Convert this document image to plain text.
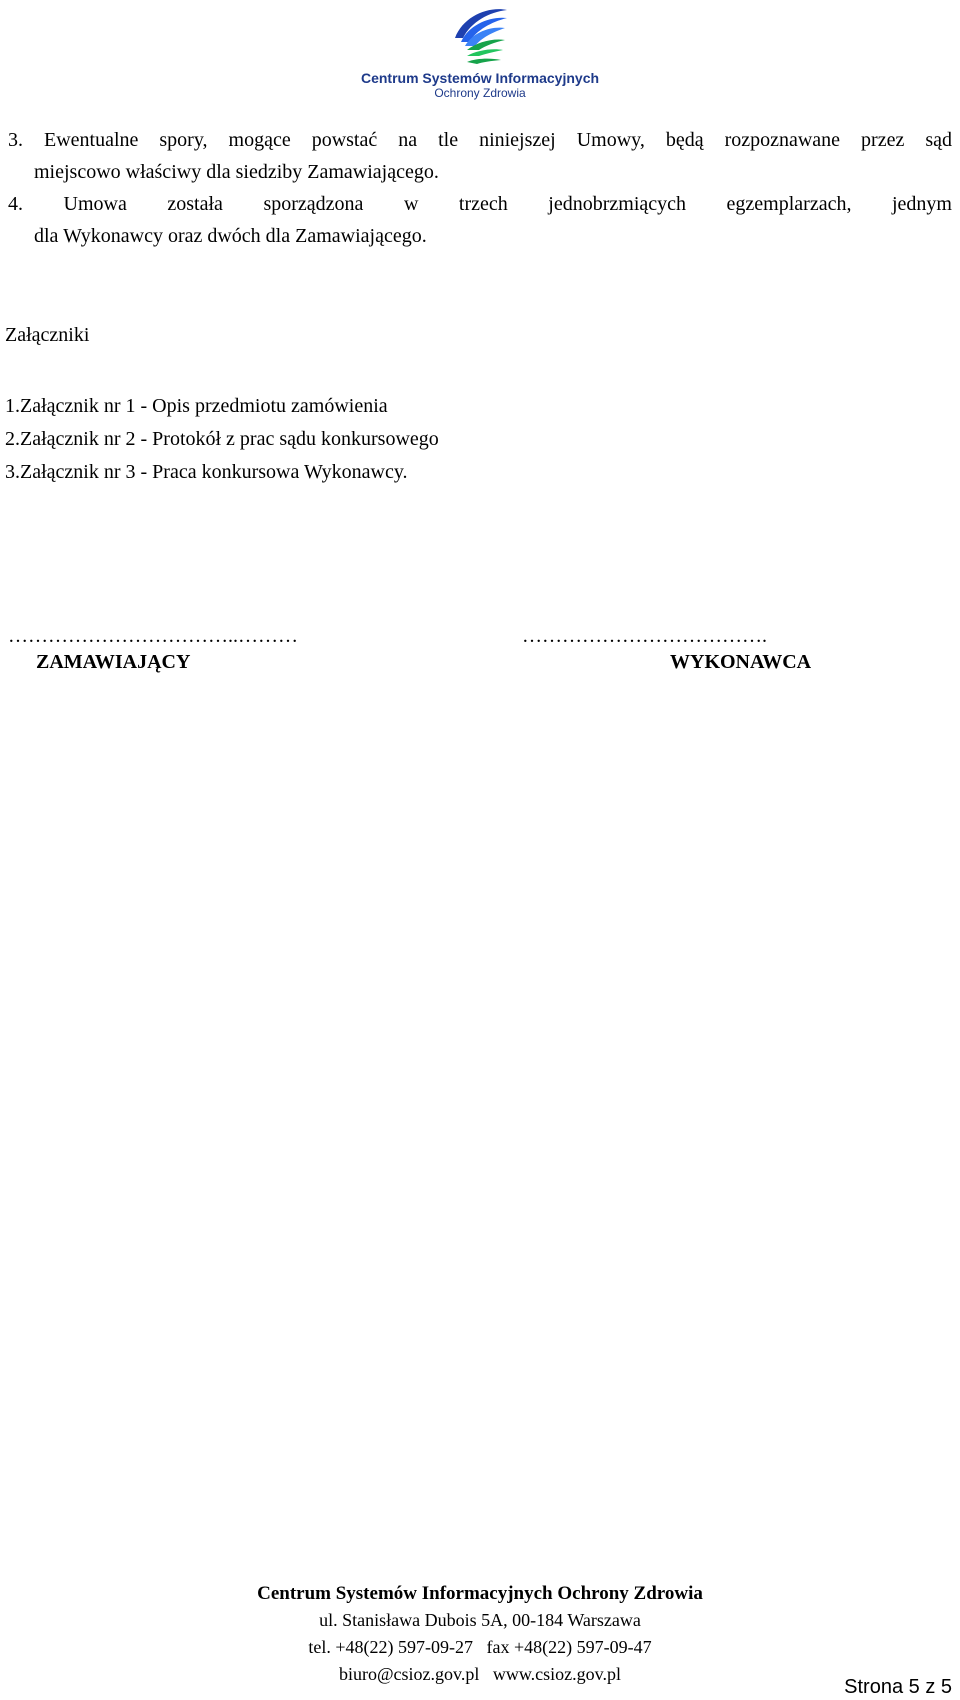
Centrum Systemów Informacyjnych
Ochrony Zdrowia
3. Ewentualne spory, mogące powstać na tle niniejszej Umowy, będą rozpoznawane przez sąd
miejscowo właściwy dla siedziby Zamawiającego.
4. Umowa została sporządzona w trzech jednobrzmiących egzemplarzach, jednym
dla Wykonawcy oraz dwóch dla Zamawiającego.
Załączniki
1.Załącznik nr 1 - Opis przedmiotu zamówienia
2.Załącznik nr 2 - Protokół z prac sądu konkursowego
3.Załącznik nr 3 - Praca konkursowa Wykonawcy.
……………………………..………
ZAMAWIAJĄCY
……………………………….
WYKONAWCA
Centrum Systemów Informacyjnych Ochrony Zdrowia
ul. Stanisława Dubois 5A, 00-184 Warszawa
tel. +48(22) 597-09-27   fax +48(22) 597-09-47
biuro@csioz.gov.pl   www.csioz.gov.pl
Strona 5 z 5
